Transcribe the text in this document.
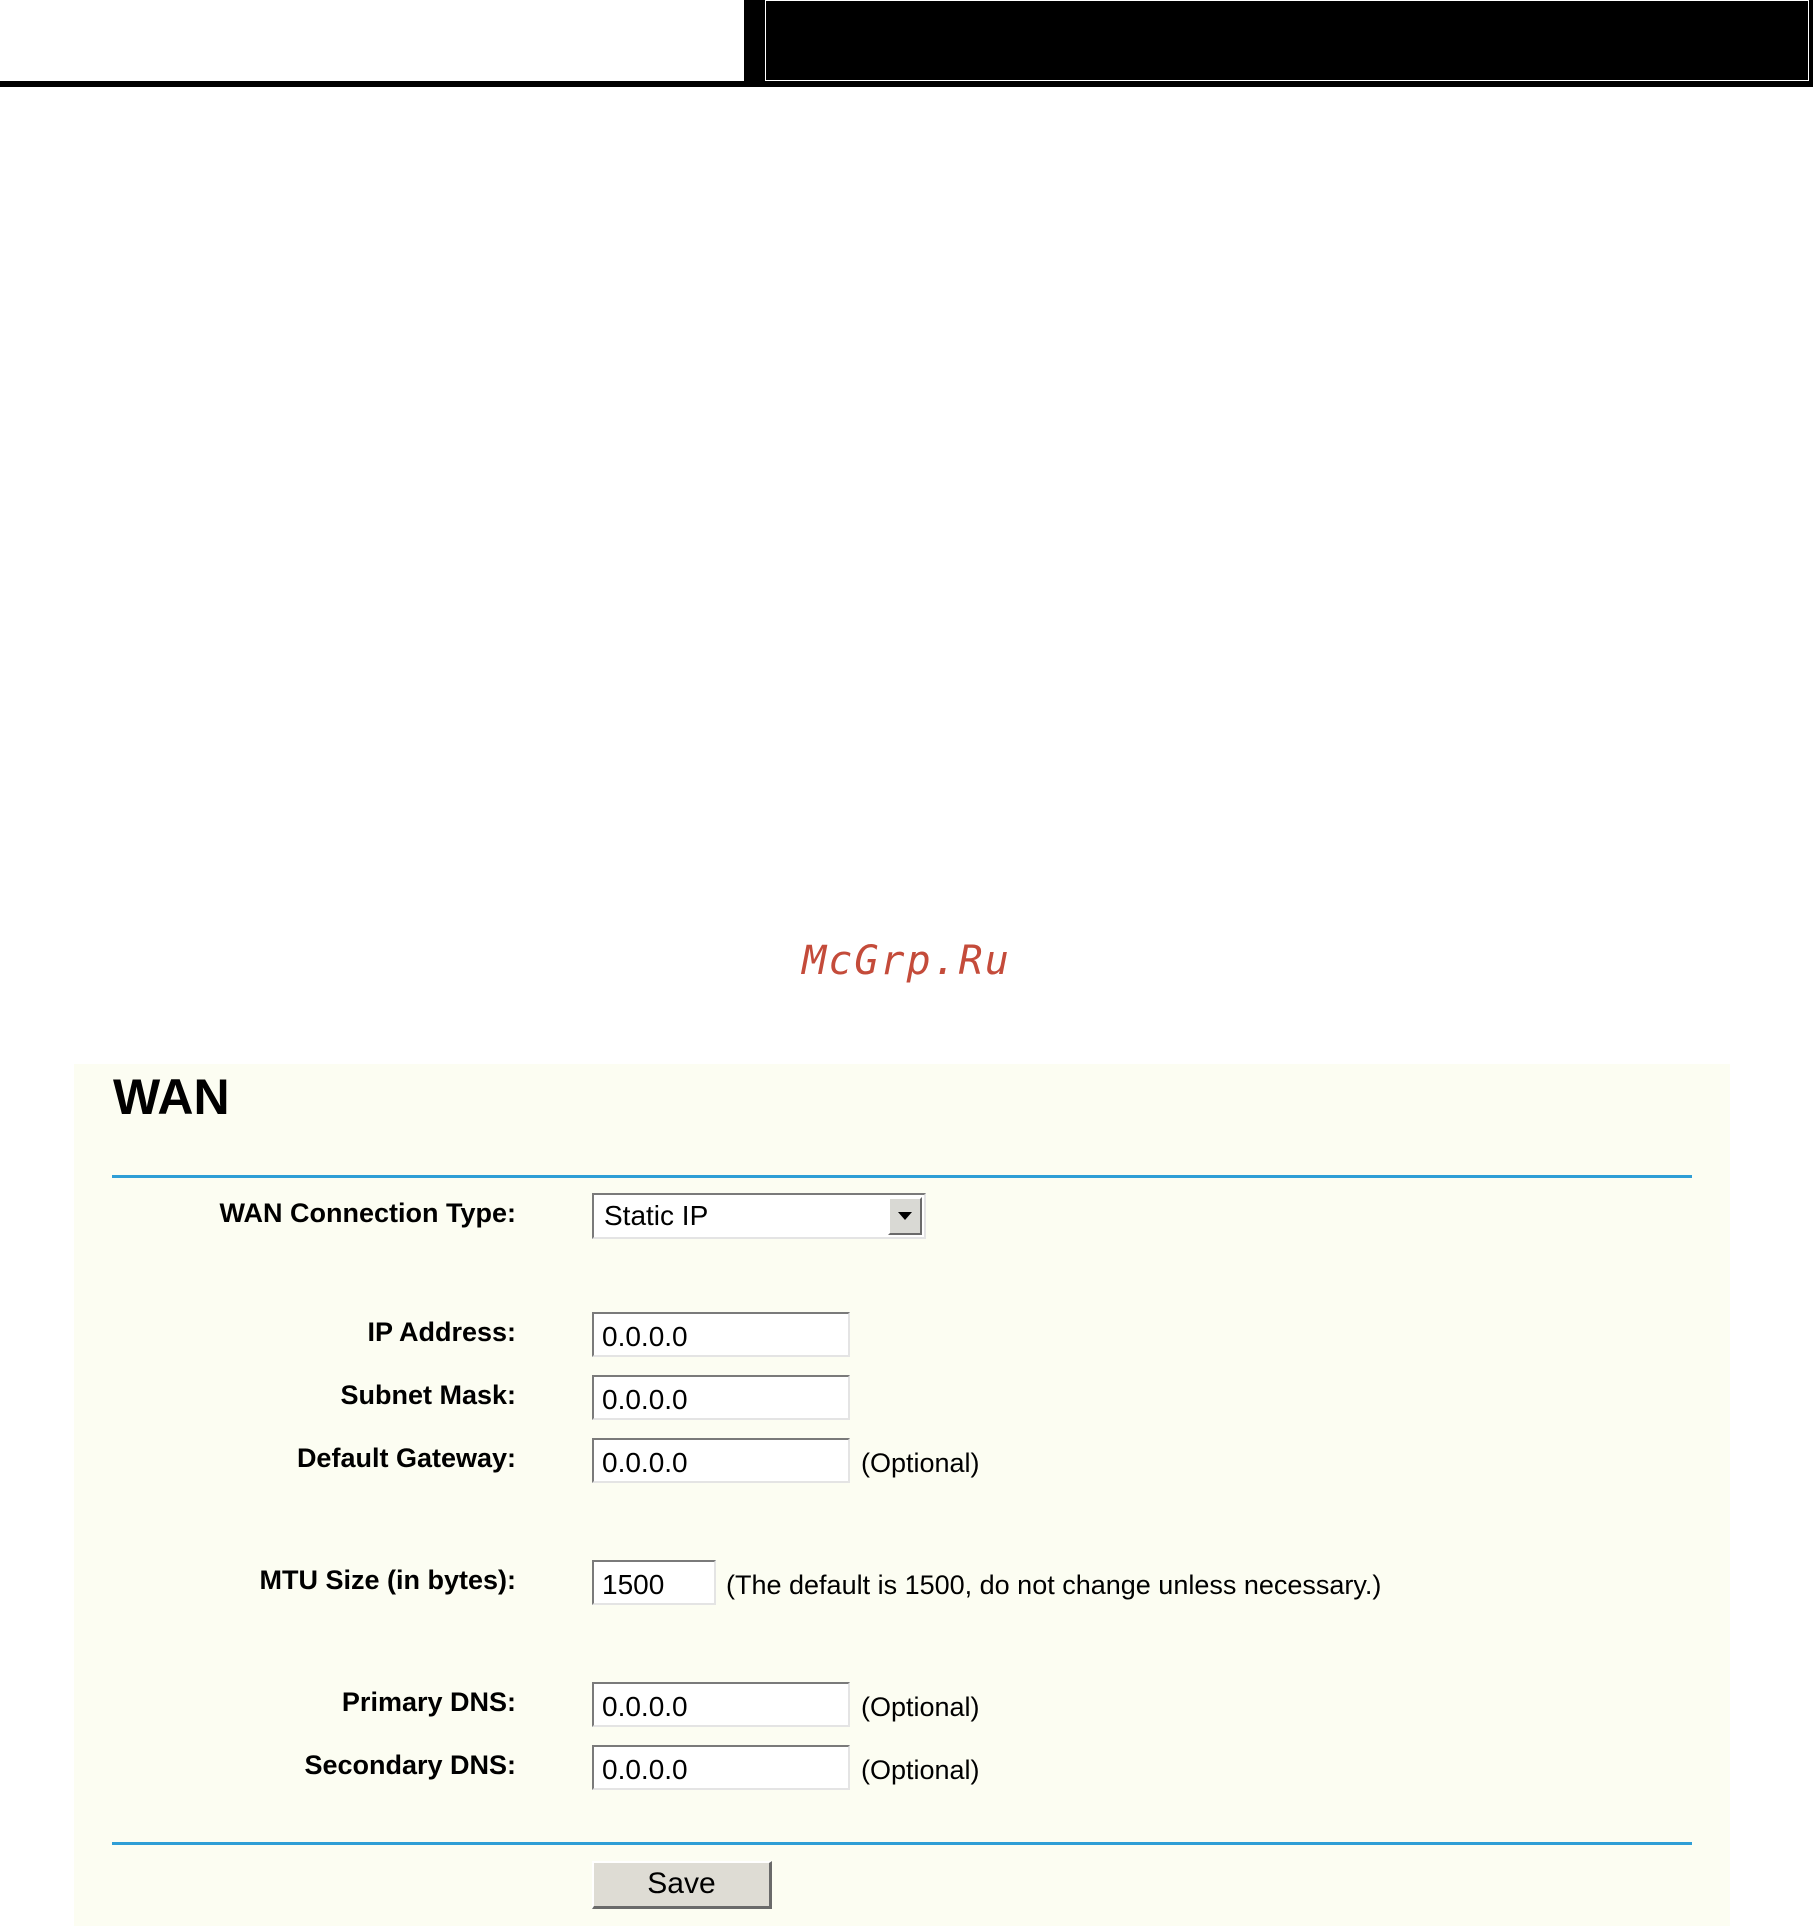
McGrp.Ru
WAN
WAN Connection Type:	Static IP
IP Address:
0.0.0.0
Subnet Mask:
0.0.0.0
Default Gateway:
0.0.0.0	(Optional)
MTU Size (in bytes):
1500	(The default is 1500, do not change unless necessary.)
Primary DNS:
0.0.0.0	(Optional)
Secondary DNS:
0.0.0.0	(Optional)
Save
